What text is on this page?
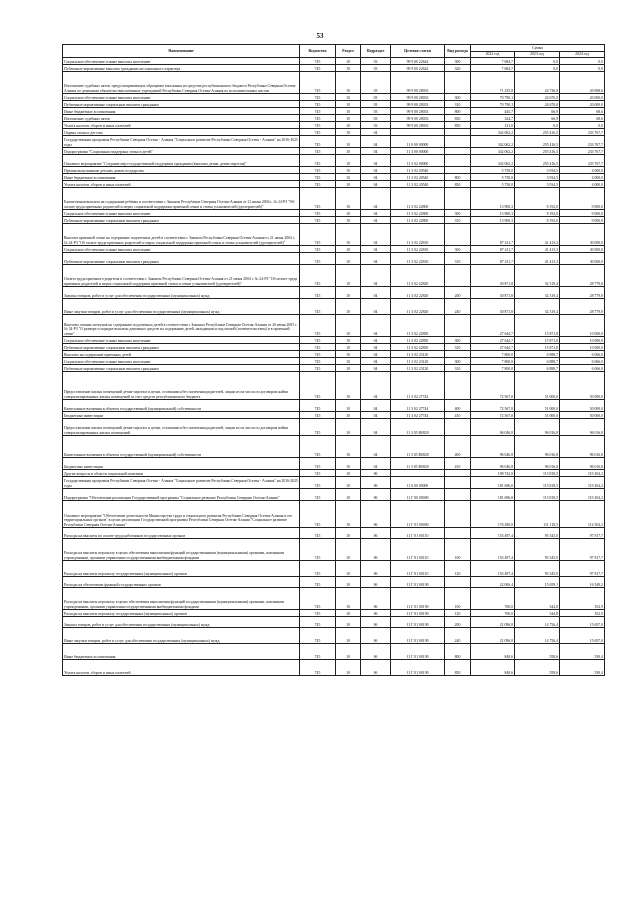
53
Наименование	Ведомство	Раздел	Подраздел	Целевая статья	Вид расхода	Сумма		
						2022 год	2023 год	2024 год
Социальное обеспечение и иные выплаты населению	745	10	03	99 9 00 22642	300	7 684,7	0,0	0,0
Публичные нормативные выплаты гражданам несоциального характера	745	10	03	99 9 00 22642	320	7 684,7	0,0	0,0
Исполнение судебных актов, предусматривающих обращение взыскания на средства республиканского бюджета Республики Северная Осетия-Алания по денежным обязательствам казенных учреждений Республики Северная Осетия-Алания по исполнительным листам	745	10	03	99 9 00 28033		71 235,8	24 736,9	20 068,6
Социальное обеспечение и иные выплаты населению	745	10	03	99 9 00 28033	300	70 790,1	24 670,0	20 000,0
Публичные нормативные социальные выплаты гражданам	745	10	03	99 9 00 28033	310	70 790,1	24 670,0	20 000,0
Иные бюджетные ассигнования	745	10	03	99 9 00 28033	800	445,7	66,9	68,6
Исполнение судебных актов	745	10	03	99 9 00 28033	830	324,7	66,9	68,6
Уплата налогов, сборов и иных платежей	745	10	03	99 9 00 28033	850	121,0	0,0	0,0
Охрана семьи и детства	745	10	04			342 062,2	255 416,5	233 767,7
Государственная программа Республики Северная Осетия - Алания "Социальное развитие Республики Северная Осетия - Алания" на 2016-2025 годы	745	10	04	11 0 00 00000		342 062,2	255 416,5	233 767,7
Подпрограмма "Социальная поддержка семьи и детей"	745	10	04	11 3 00 00000		342 062,2	255 416,5	233 767,7
Основное мероприятие "Создание мер государственной поддержки гражданам (выплаты детям, детям-сиротам)"	745	10	04	11 3 02 00000		342 062,2	255 416,5	233 767,7
Премия выпускникам детских домов государства	745	10	04	11 3 02 20540		5 750,0	3 934,5	4 000,0
Иные бюджетные ассигнования	745	10	04	11 3 02 20540	800	5 750,0	3 934,5	4 000,0
Уплата налогов, сборов и иных платежей	745	10	04	11 3 02 20540	850	5 750,0	3 934,5	4 000,0
Ежемесячная выплата на содержание ребенка в соответствии с Законом Республики Северная Осетия-Алания от 21 июня 2004 г. № 24-РЗ "Об оплате труда приемных родителей и мерах социальной поддержки приемной семьи и семьи усыновителей (удочерителей)"	745	10	04	11 3 02 22800		13 900,3	8 192,0	9 000,0
Социальное обеспечение и иные выплаты населению	745	10	04	11 3 02 22800	300	13 900,3	8 192,0	9 000,0
Публичные нормативные социальные выплаты гражданам	745	10	04	11 3 02 22800	310	13 900,3	8 192,0	9 000,0
Выплата приемной семье на содержание подопечных детей в соответствии с Законом Республики Северная Осетия-Алания от 21 июня 2004 г. № 24-РЗ "Об оплате труда приемных родителей и мерах социальной поддержки приемной семьи и семьи усыновителей (удочерителей)"	745	10	04	11 3 02 22810		87 411,7	41 413,3	30 000,0
Социальное обеспечение и иные выплаты населению	745	10	04	11 3 02 22810	300	87 411,7	41 413,3	30 000,0
Публичные нормативные социальные выплаты гражданам	745	10	04	11 3 02 22810	310	87 411,7	41 413,3	30 000,0
Оплата труда приемного родителя в соответствии с Законом Республики Северная Осетия-Алания от 21 июня 2004 г. № 24-РЗ "Об оплате труда приемных родителей и мерах социальной поддержки приемной семьи и семьи усыновителей (удочерителей)"	745	10	04	11 3 02 22820		30 871,8	32 319,4	28 779,8
Закупка товаров, работ и услуг для обеспечения государственных (муниципальных) нужд	745	10	04	11 3 02 22820	200	30 871,8	32 319,4	28 779,8
Иные закупки товаров, работ и услуг для обеспечения государственных (муниципальных) нужд	745	10	04	11 3 02 22820	240	30 871,8	32 319,4	28 779,8
Выплаты семьям опекунов на содержание подопечных детей в соответствии с Законом Республики Северная Осетия-Алания от 26 июня 2005 г. № 34-РЗ "О размере и порядке выплаты денежных средств на содержание детей, находящихся под опекой (попечительством) и в приемной семье"	745	10	04	11 3 02 22850		27 644,7	15 871,8	10 000,0
Социальное обеспечение и иные выплаты населению	745	10	04	11 3 02 22850	300	27 644,7	15 871,8	10 000,0
Публичные нормативные социальные выплаты гражданам	745	10	04	11 3 02 22850	310	27 644,7	15 871,8	10 000,0
Выплаты на содержание приемных детей	745	10	04	11 3 02 23120		7 800,0	6 888,7	6 066,0
Социальное обеспечение и иные выплаты населению	745	10	04	11 3 02 23120	300	7 800,0	6 888,7	6 066,0
Публичные нормативные социальные выплаты гражданам	745	10	04	11 3 02 23120	310	7 800,0	6 888,7	6 066,0
Предоставление жилых помещений детям-сиротам и детям, оставшимся без попечения родителей, лицам из их числа по договорам найма специализированных жилых помещений за счет средств республиканского бюджета	745	10	04	11 3 02 27744		72 567,0	51 000,0	50 000,0
Капитальные вложения в объекты государственной (муниципальной) собственности	745	10	04	11 3 02 27744	400	72 567,0	51 000,0	50 000,0
Бюджетные инвестиции	745	10	04	11 3 02 27744	410	72 567,0	51 000,0	50 000,0
Предоставление жилых помещений детям-сиротам и детям, оставшимся без попечения родителей, лицам из их числа по договорам найма специализированных жилых помещений	745	10	04	11 3 05 R0820		96 046,8	96 016,8	96 016,8
Капитальные вложения в объекты государственной (муниципальной) собственности	745	10	04	11 3 05 R0820	400	96 046,8	96 016,8	96 016,8
Бюджетные инвестиции	745	10	04	11 3 05 R0820	410	96 046,8	96 016,8	96 016,8
Другие вопросы в области социальной политики	745	10	06			198 742,0	115 818,5	119 204,2
Государственная программа Республики Северная Осетия - Алания "Социальное развитие Республики Северная Осетия - Алания" на 2016-2025 годы	745	10	06	11 0 00 00000		181 696,0	115 818,5	119 204,2
Подпрограмма "Обеспечение реализации Государственной программы "Социальное развитие Республики Северная Осетия-Алания"	745	10	06	11 Г 00 00000		181 696,0	115 818,5	119 204,2
Основное мероприятие "Обеспечение деятельности Министерства труда и социального развития Республики Северная Осетия-Алания и его территориальных органов" в целях реализации Государственной программы Республики Северная Осетия-Алания "Социальное развитие Республики Северная Осетия-Алания"	745	10	06	11 Г 01 00000		176 280,0	111 118,5	114 504,2
Расходы на выплаты по оплате труда работников государственных органов	745	10	06	11 Г 01 00110		153 497,4	95 345,0	97 817,7
Расходы на выплаты персоналу в целях обеспечения выполнения функций государственными (муниципальными) органами, казенными учреждениями, органами управления государственными внебюджетными фондами	745	10	06	11 Г 01 00110	100	153 497,4	95 345,0	97 817,7
Расходы на выплаты персоналу государственных (муниципальных) органов	745	10	06	11 Г 01 00110	120	153 497,4	95 345,0	97 817,7
Расходы на обеспечение функций государственных органов	745	10	06	11 Г 01 00190		22 006,4	15 659,1	16 549,2
Расходы на выплаты персоналу в целях обеспечения выполнения функций государственными (муниципальными) органами, казенными учреждениями, органами управления государственными внебюджетными фондами	745	10	06	11 Г 01 00190	100	700,0	344,8	352,9
Расходы на выплаты персоналу государственных (муниципальных) органов	745	10	06	11 Г 01 00190	120	700,0	344,8	352,9
Закупка товаров, работ и услуг для обеспечения государственных (муниципальных) нужд	745	10	06	11 Г 01 00190	200	21 096,8	14 756,4	15 657,0
Иные закупки товаров, работ и услуг для обеспечения государственных (муниципальных) нужд	745	10	06	11 Г 01 00190	240	21 096,8	14 756,4	15 657,0
Иные бюджетные ассигнования	745	10	06	11 Г 01 00190	800	848,6	558,6	539,4
Уплата налогов, сборов и иных платежей	745	10	06	11 Г 01 00190	850	848,6	558,6	539,4
